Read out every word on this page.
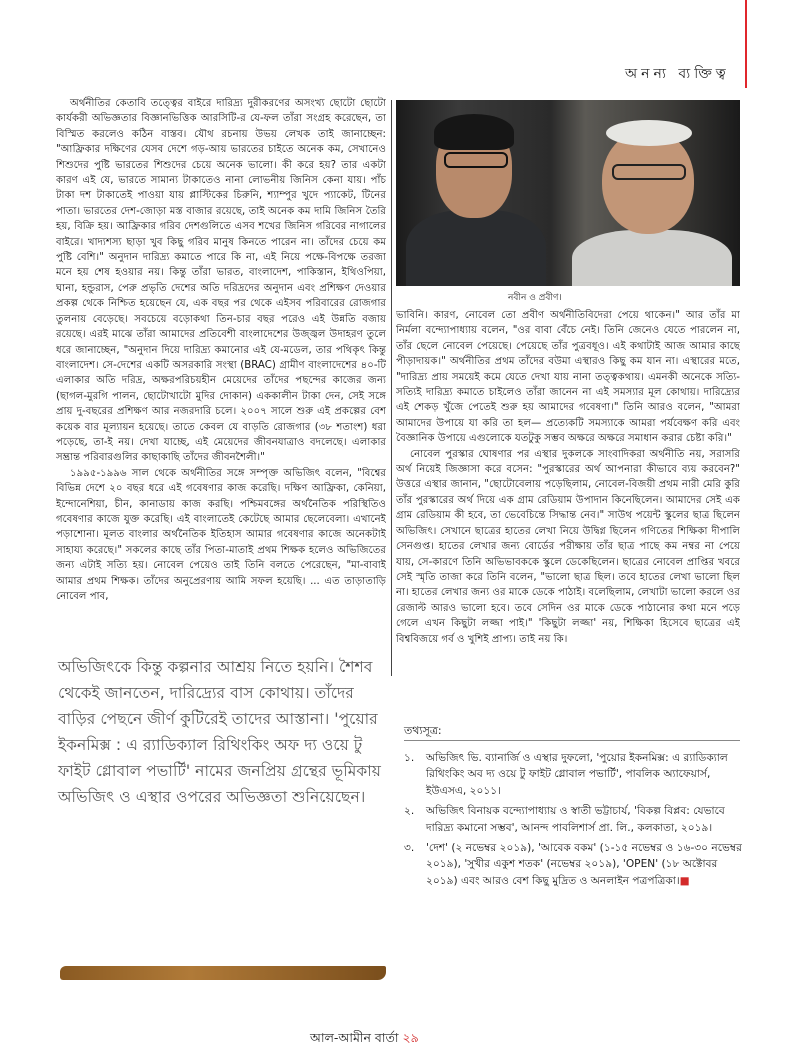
অনন্য ব্যক্তিত্ব

অর্থনীতির কেতাবি তত্ত্বের বাইরে দারিদ্র্য দুরীকরণের অসংখ্য ছোটো ছোটো কার্যকরী অভিজ্ঞতার বিজ্ঞানভিত্তিক আরসিটি-র যে-ফল তাঁরা সংগ্রহ করেছেন, তা বিস্মিত করলেও কঠিন বাস্তব। যৌথ রচনায় উভয় লেখক তাই জানাচ্ছেন: "আফ্রিকার দক্ষিণের যেসব দেশে গড়-আয় ভারতের চাইতে অনেক কম, সেখানেও শিশুদের পুষ্টি ভারতের শিশুদের চেয়ে অনেক ভালো। কী করে হয়? তার একটা কারণ এই যে, ভারতে সামান্য টাকাতেও নানা লোভনীয় জিনিস কেনা যায়। পাঁচ টাকা দশ টাকাতেই পাওয়া যায় প্লাস্টিকের চিরুনি, শ্যাম্পুর খুদে প্যাকেট, টিনের পাতা। ভারতের দেশ-জোড়া মস্ত বাজার রয়েছে, তাই অনেক কম দামি জিনিস তৈরি হয়, বিক্রি হয়। আফ্রিকার গরিব দেশগুলিতে এসব শখের জিনিস গরিবের নাগালের বাইরে। খাদ্যশস্য ছাড়া খুব কিছু গরিব মানুষ কিনতে পারেন না। তাঁদের চেয়ে কম পুষ্টি বেশি।" অনুদান দারিদ্র্য কমাতে পারে কি না, এই নিয়ে পক্ষে-বিপক্ষে তরজা মনে হয় শেষ হওয়ার নয়। কিন্তু তাঁরা ভারত, বাংলাদেশ, পাকিস্তান, ইথিওপিয়া, ঘানা, হন্ডুরাস, পেরু প্রভৃতি দেশের অতি দরিদ্রদের অনুদান এবং প্রশিক্ষণ দেওয়ার প্রকল্প থেকে নিশ্চিত হয়েছেন যে, এক বছর পর থেকে এইসব পরিবারের রোজগার তুলনায় বেড়েছে। সবচেয়ে বড়োকথা তিন-চার বছর পরেও এই উন্নতি বজায় রয়েছে। এরই মাঝে তাঁরা আমাদের প্রতিবেশী বাংলাদেশের উজ্জ্বল উদাহরণ তুলে ধরে জানাচ্ছেন, "অনুদান দিয়ে দারিদ্র্য কমানোর এই যে-মডেল, তার পথিকৃৎ কিন্তু বাংলাদেশ। সে-দেশের একটি অসরকারি সংস্থা (BRAC) গ্রামীণ বাংলাদেশের ৪০-টি এলাকার অতি দরিদ্র, অক্ষরপরিচয়হীন মেয়েদের তাঁদের পছন্দের কাজের জন্য (ছাগল-মুরগি পালন, ছোটোখাটো মুদির দোকান) এককালীন টাকা দেন, সেই সঙ্গে প্রায় দু-বছরের প্রশিক্ষণ আর নজরদারি চলে। ২০০৭ সালে শুরু এই প্রকল্পের বেশ কয়েক বার মূল্যায়ন হয়েছে। তাতে কেবল যে বাড়তি রোজগার (৩৮ শতাংশ) ধরা পড়েছে, তা-ই নয়। দেখা যাচ্ছে, এই মেয়েদের জীবনযাত্রাও বদলেছে। এলাকার সম্ভ্রান্ত পরিবারগুলির কাছাকাছি তাঁদের জীবনশৈলী।"

১৯৯৫-১৯৯৬ সাল থেকে অর্থনীতির সঙ্গে সম্পৃক্ত অভিজিৎ বলেন, "বিশ্বের বিভিন্ন দেশে ২০ বছর ধরে এই গবেষণার কাজ করেছি। দক্ষিণ আফ্রিকা, কেনিয়া, ইন্দোনেশিয়া, চীন, কানাডায় কাজ করছি। পশ্চিমবঙ্গের অর্থনৈতিক পরিস্থিতিও গবেষণার কাজে যুক্ত করেছি। এই বাংলাতেই কেটেছে আমার ছেলেবেলা। এখানেই পড়াশোনা। মূলত বাংলার অর্থনৈতিক ইতিহাস আমার গবেষণার কাজে অনেকটাই সাহায্য করেছে।" সকলের কাছে তাঁর পিতা-মাতাই প্রথম শিক্ষক হলেও অভিজিতের জন্য এটাই সত্যি হয়। নোবেল পেয়েও তাই তিনি বলতে পেরেছেন, "মা-বাবাই আমার প্রথম শিক্ষক। তাঁদের অনুপ্রেরণায় আমি সফল হয়েছি। ... এত তাড়াতাড়ি নোবেল পাব,

নবীন ও প্রবীণ।

ভাবিনি। কারণ, নোবেল তো প্রবীণ অর্থনীতিবিদেরা পেয়ে থাকেন।" আর তাঁর মা নির্মলা বন্দ্যোপাধ্যায় বলেন, "ওর বাবা বেঁচে নেই। তিনি জেনেও যেতে পারলেন না, তাঁর ছেলে নোবেল পেয়েছে। পেয়েছে তাঁর পুত্রবধূও। এই কথাটাই আজ আমার কাছে পীড়াদায়ক।" অর্থনীতির প্রথম তাঁদের বউমা এস্থারও কিছু কম যান না। এস্থারের মতে, "দারিদ্র্য প্রায় সময়েই কমে যেতে দেখা যায় নানা তত্ত্বকথায়। এমনকী অনেকে সত্যি-সত্যিই দারিদ্র্য কমাতে চাইলেও তাঁরা জানেন না এই সমস্যার মূল কোথায়। দারিদ্র্যের এই শেকড় খুঁজে পেতেই শুরু হয় আমাদের গবেষণা।" তিনি আরও বলেন, "আমরা আমাদের উপায়ে যা করি তা হল— প্রত্যেকটি সমস্যাকে আমরা পর্যবেক্ষণ করি এবং বৈজ্ঞানিক উপায়ে এগুলোকে যতটুকু সম্ভব অক্ষরে অক্ষরে সমাধান করার চেষ্টা করি।"

নোবেল পুরস্কার ঘোষণার পর এস্থার দুকলকে সাংবাদিকরা অর্থনীতি নয়, সরাসরি অর্থ নিয়েই জিজ্ঞাসা করে বসেন: "পুরস্কারের অর্থ আপনারা কীভাবে ব্যয় করবেন?" উত্তরে এস্থার জানান, "ছোটোবেলায় পড়েছিলাম, নোবেল-বিজয়ী প্রথম নারী মেরি কুরি তাঁর পুরস্কারের অর্থ দিয়ে এক গ্রাম রেডিয়াম উপাদান কিনেছিলেন। আমাদের সেই এক গ্রাম রেডিয়াম কী হবে, তা ভেবেচিন্তে সিদ্ধান্ত নেব।" সাউথ পয়েন্ট স্কুলের ছাত্র ছিলেন অভিজিৎ। সেখানে ছাত্রের হাতের লেখা নিয়ে উদ্বিগ্ন ছিলেন গণিতের শিক্ষিকা দীপালি সেনগুপ্ত। হাতের লেখার জন্য বোর্ডের পরীক্ষায় তাঁর ছাত্র পাছে কম নম্বর না পেয়ে যায়, সে-কারণে তিনি অভিভাবককে স্কুলে ডেকেছিলেন। ছাত্রের নোবেল প্রাপ্তির খবরে সেই স্মৃতি তাজা করে তিনি বলেন, "ভালো ছাত্র ছিল। তবে হাতের লেখা ভালো ছিল না। হাতের লেখার জন্য ওর মাকে ডেকে পাঠাই। বলেছিলাম, লেখাটা ভালো করলে ওর রেজাল্ট আরও ভালো হবে। তবে সেদিন ওর মাকে ডেকে পাঠানোর কথা মনে পড়ে গেলে এখন কিছুটা লজ্জা পাই।" 'কিছুটা লজ্জা' নয়, শিক্ষিকা হিসেবে ছাত্রের এই বিশ্ববিজয়ে গর্ব ও খুশিই প্রাপ্য। তাই নয় কি।

অভিজিৎকে কিন্তু কল্পনার আশ্রয় নিতে হয়নি। শৈশব থেকেই জানতেন, দারিদ্র্যের বাস কোথায়। তাঁদের বাড়ির পেছনে জীর্ণ কুটিরেই তাদের আস্তানা। 'পুয়োর ইকনমিক্স : এ র‍্যাডিক্যাল রিথিংকিং অফ দ্য ওয়ে টু ফাইট গ্লোবাল পভার্টি' নামের জনপ্রিয় গ্রন্থের ভূমিকায় অভিজিৎ ও এস্থার ওপরের অভিজ্ঞতা শুনিয়েছেন।
তথ্যসূত্র:
১.	অভিজিৎ ভি. ব্যানার্জি ও এস্থার দুফলো, 'পুয়োর ইকনমিক্স: এ র‍্যাডিক্যাল রিথিংকিং অব দ্য ওয়ে টু ফাইট গ্লোবাল পভার্টি', পাবলিক অ্যাফেয়ার্স, ইউএসএ, ২০১১।
২.	অভিজিৎ বিনায়ক বন্দ্যোপাধ্যায় ও স্বাতী ভট্টাচার্য, 'বিকল্প বিপ্লব: যেভাবে দারিদ্র্য কমানো সম্ভব', আনন্দ পাবলিশার্স প্রা. লি., কলকাতা, ২০১৯।
৩.	'দেশ' (২ নভেম্বর ২০১৯), 'আবেক বকম' (১-১৫ নভেম্বর ও ১৬-৩০ নভেম্বর ২০১৯), 'সুখীর একুশ শতক' (নভেম্বর ২০১৯), 'OPEN' (১৮ অক্টোবর ২০১৯) এবং আরও বেশ কিছু মুদ্রিত ও অনলাইন পত্রপত্রিকা।■
আল-আমীন বার্তা ২৯
